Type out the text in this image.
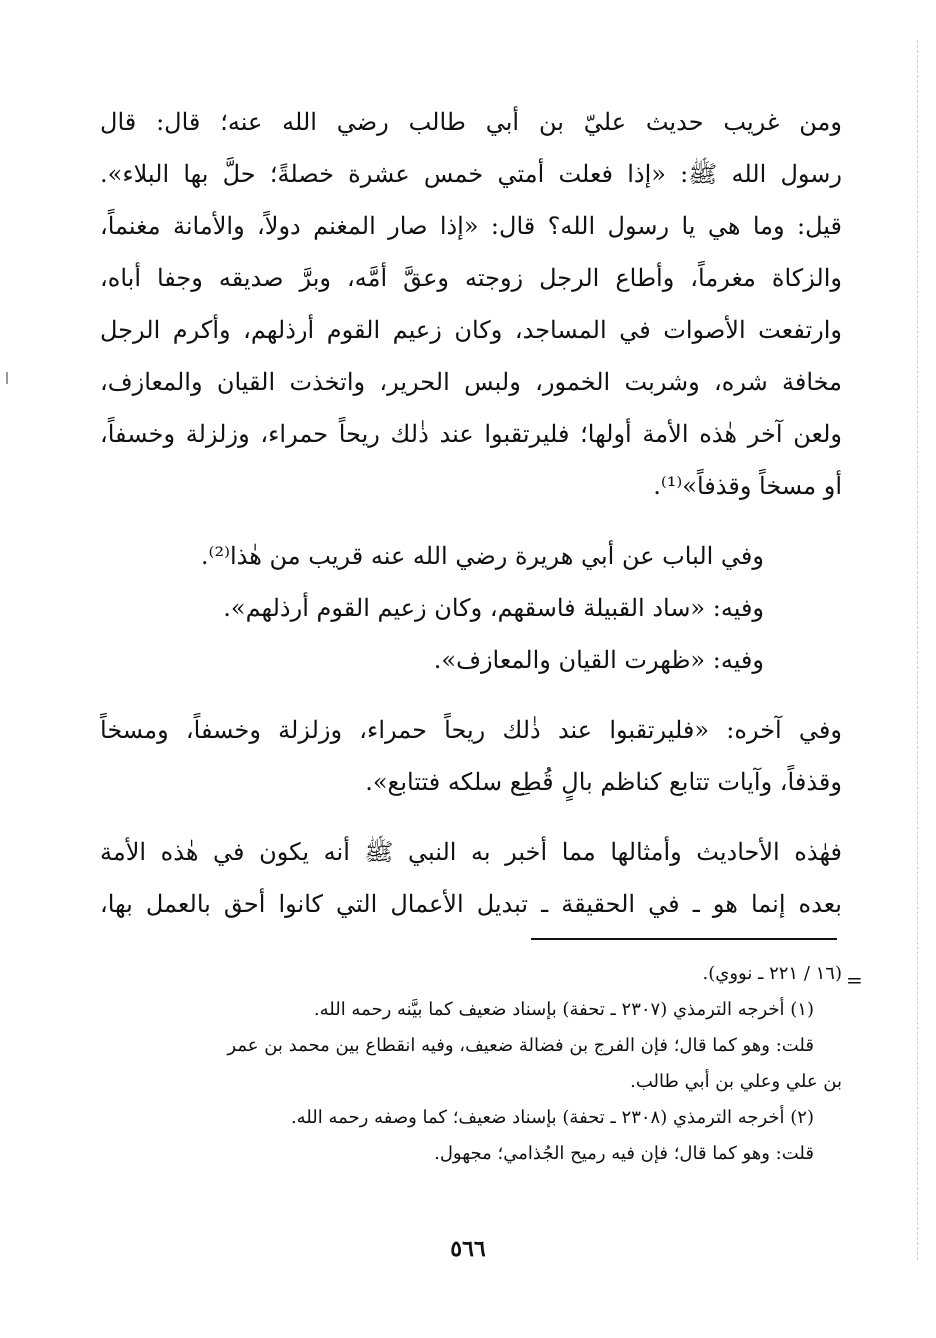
ومن غريب حديث عليّ بن أبي طالب رضي الله عنه؛ قال: قال
رسول الله ﷺ: «إذا فعلت أمتي خمس عشرة خصلةً؛ حلَّ بها البلاء».
قيل: وما هي يا رسول الله؟ قال: «إذا صار المغنم دولاً، والأمانة مغنماً،
والزكاة مغرماً، وأطاع الرجل زوجته وعقَّ أمَّه، وبرَّ صديقه وجفا أباه،
وارتفعت الأصوات في المساجد، وكان زعيم القوم أرذلهم، وأكرم الرجل
مخافة شره، وشربت الخمور، ولبس الحرير، واتخذت القيان والمعازف،
ولعن آخر هٰذه الأمة أولها؛ فليرتقبوا عند ذٰلك ريحاً حمراء، وزلزلة وخسفاً،
أو مسخاً وقذفاً»⁽¹⁾.

وفي الباب عن أبي هريرة رضي الله عنه قريب من هٰذا⁽²⁾.

وفيه: «ساد القبيلة فاسقهم، وكان زعيم القوم أرذلهم».

وفيه: «ظهرت القيان والمعازف».

وفي آخره: «فليرتقبوا عند ذٰلك ريحاً حمراء، وزلزلة وخسفاً، ومسخاً
وقذفاً، وآيات تتابع كناظم بالٍ قُطِع سلكه فتتابع».
فهٰذه الأحاديث وأمثالها مما أخبر به النبي ﷺ أنه يكون في هٰذه الأمة
بعده إنما هو ـ في الحقيقة ـ تبديل الأعمال التي كانوا أحق بالعمل بها،
=
(١٦ / ٢٢١ ـ نووي).
(١) أخرجه الترمذي (٢٣٠٧ ـ تحفة) بإسناد ضعيف كما بيَّنه رحمه الله.
قلت: وهو كما قال؛ فإن الفرج بن فضالة ضعيف، وفيه انقطاع بين محمد بن عمر
بن علي وعلي بن أبي طالب.
(٢) أخرجه الترمذي (٢٣٠٨ ـ تحفة) بإسناد ضعيف؛ كما وصفه رحمه الله.
قلت: وهو كما قال؛ فإن فيه رميح الجُذامي؛ مجهول.
٥٦٦
